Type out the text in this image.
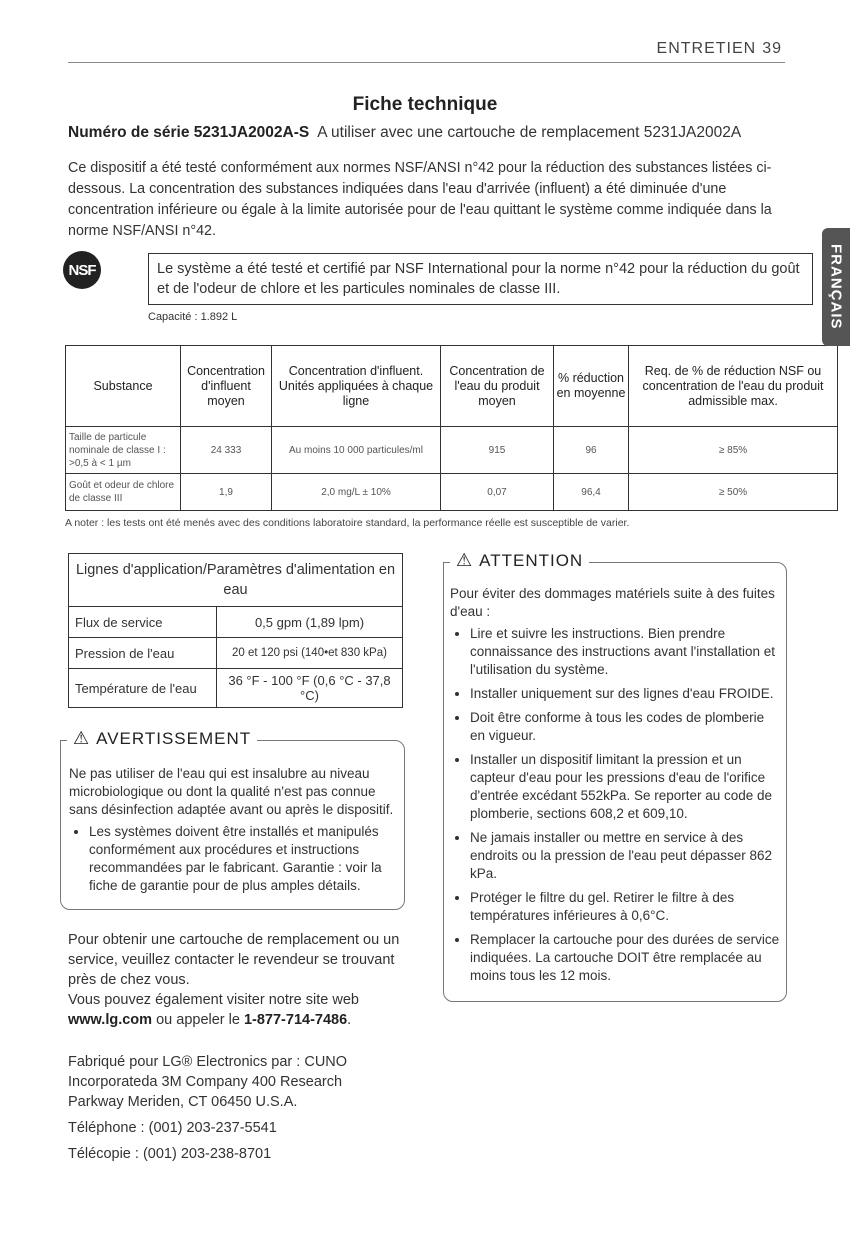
ENTRETIEN 39
Fiche technique
Numéro de série 5231JA2002A-S A utiliser avec une cartouche de remplacement 5231JA2002A
Ce dispositif a été testé conformément aux normes NSF/ANSI n°42 pour la réduction des substances listées ci-dessous. La concentration des substances indiquées dans l'eau d'arrivée (influent) a été diminuée d'une concentration inférieure ou égale à la limite autorisée pour de l'eau quittant le système comme indiquée dans la norme NSF/ANSI n°42.
NSF	Le système a été testé et certifié par NSF International pour la norme n°42 pour la réduction du goût et de l'odeur de chlore et les particules nominales de classe III.
Capacité : 1.892 L
Substance	Concentration d'influent moyen	Concentration d'influent. Unités appliquées à chaque ligne	Concentration de l'eau du produit moyen	% réduction en moyenne	Req. de % de réduction NSF ou concentration de l'eau du produit admissible max.
Taille de particule nominale de classe I : >0,5 à < 1 µm	24 333	Au moins 10 000 particules/ml	915	96	≥ 85%
Goût et odeur de chlore de classe III	1,9	2,0 mg/L ± 10%	0,07	96,4	≥ 50%
A noter : les tests ont été menés avec des conditions laboratoire standard, la performance réelle est susceptible de varier.
Lignes d'application/Paramètres d'alimentation en eau	
Flux de service	0,5 gpm (1,89 lpm)
Pression de l'eau	20 et 120 psi (140•et 830 kPa)
Température de l'eau	36 °F - 100 °F (0,6 °C - 37,8 °C)
⚠ AVERTISSEMENT
Ne pas utiliser de l'eau qui est insalubre au niveau microbiologique ou dont la qualité n'est pas connue sans désinfection adaptée avant ou après le dispositif.
• Les systèmes doivent être installés et manipulés conformément aux procédures et instructions recommandées par le fabricant. Garantie : voir la fiche de garantie pour de plus amples détails.
Pour obtenir une cartouche de remplacement ou un service, veuillez contacter le revendeur se trouvant près de chez vous.
Vous pouvez également visiter notre site web
www.lg.com ou appeler le 1-877-714-7486.
Fabriqué pour LG® Electronics par : CUNO Incorporateda 3M Company 400 Research Parkway Meriden, CT 06450 U.S.A.
Téléphone : (001) 203-237-5541
Télécopie : (001) 203-238-8701
⚠ ATTENTION
Pour éviter des dommages matériels suite à des fuites d'eau :
• Lire et suivre les instructions. Bien prendre connaissance des instructions avant l'installation et l'utilisation du système.
• Installer uniquement sur des lignes d'eau FROIDE.
• Doit être conforme à tous les codes de plomberie en vigueur.
• Installer un dispositif limitant la pression et un capteur d'eau pour les pressions d'eau de l'orifice d'entrée excédant 552kPa. Se reporter au code de plomberie, sections 608,2 et 609,10.
• Ne jamais installer ou mettre en service à des endroits ou la pression de l'eau peut dépasser 862 kPa.
• Protéger le filtre du gel. Retirer le filtre à des températures inférieures à 0,6°C.
• Remplacer la cartouche pour des durées de service indiquées. La cartouche DOIT être remplacée au moins tous les 12 mois.
FRANÇAIS
